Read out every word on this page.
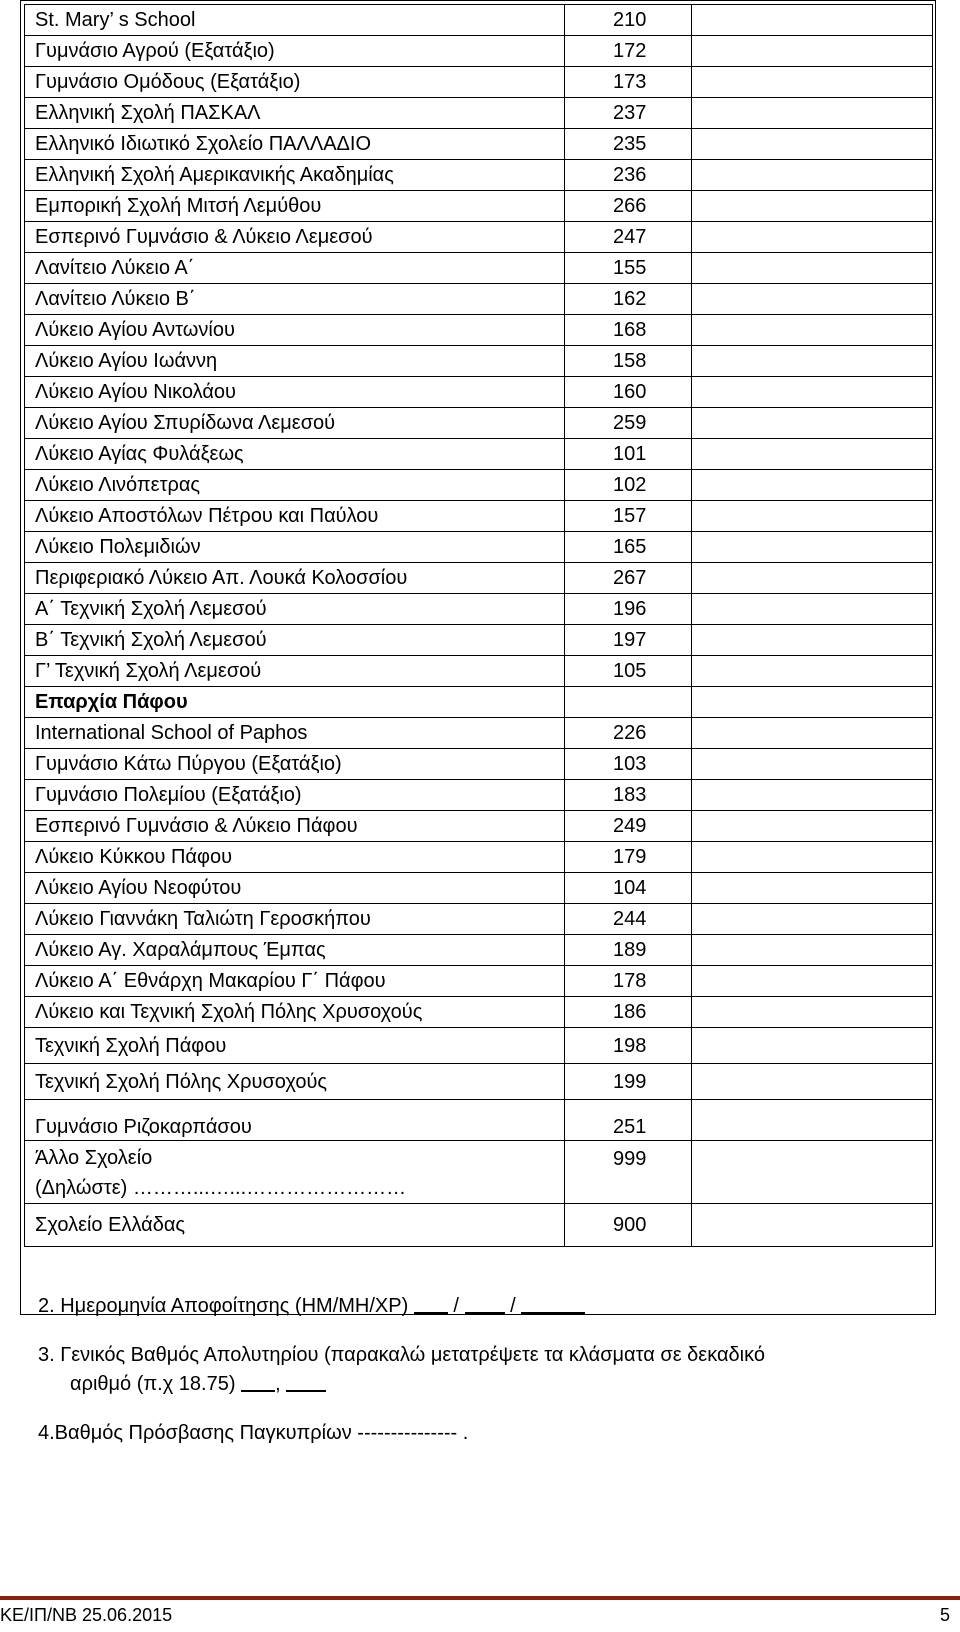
St. Mary’ s School	210	
Γυμνάσιο Αγρού (Εξατάξιο)	172	
Γυμνάσιο Ομόδους (Εξατάξιο)	173	
Ελληνική Σχολή ΠΑΣΚΑΛ	237	
Ελληνικό Ιδιωτικό Σχολείο ΠΑΛΛΑΔΙΟ	235	
Ελληνική Σχολή Αμερικανικής Ακαδημίας	236	
Εμπορική Σχολή Μιτσή Λεμύθου	266	
Εσπερινό Γυμνάσιο & Λύκειο Λεμεσού	247	
Λανίτειο Λύκειο Α΄	155	
Λανίτειο Λύκειο Β΄	162	
Λύκειο Αγίου Αντωνίου	168	
Λύκειο Αγίου Ιωάννη	158	
Λύκειο Αγίου Νικολάου	160	
Λύκειο Αγίου Σπυρίδωνα Λεμεσού	259	
Λύκειο Αγίας Φυλάξεως	101	
Λύκειο Λινόπετρας	102	
Λύκειο Αποστόλων Πέτρου και Παύλου	157	
Λύκειο Πολεμιδιών	165	
Περιφεριακό Λύκειο Απ. Λουκά Κολοσσίου	267	
Α΄ Τεχνική Σχολή Λεμεσού	196	
Β΄ Τεχνική Σχολή Λεμεσού	197	
Γ’ Τεχνική Σχολή Λεμεσού	105	
Επαρχία Πάφου		
International School of Paphos	226	
Γυμνάσιο Κάτω Πύργου (Εξατάξιο)	103	
Γυμνάσιο Πολεμίου (Εξατάξιο)	183	
Εσπερινό Γυμνάσιο & Λύκειο Πάφου	249	
Λύκειο Κύκκου Πάφου	179	
Λύκειο Αγίου Νεοφύτου	104	
Λύκειο Γιαννάκη Ταλιώτη Γεροσκήπου	244	
Λύκειο Αγ. Χαραλάμπους Έμπας	189	
Λύκειο Α΄ Εθνάρχη Μακαρίου Γ΄ Πάφου	178	
Λύκειο και Τεχνική Σχολή Πόλης Χρυσοχούς	186	
Τεχνική Σχολή Πάφου	198	
Τεχνική Σχολή Πόλης Χρυσοχούς	199	
Γυμνάσιο Ριζοκαρπάσου	251	

Άλλο Σχολείο
(Δηλώστε) ………...…...……………………	999	
Σχολείο Ελλάδας	900	
2. Ημερομηνία Αποφοίτησης (ΗΜ/ΜΗ/ΧΡ) /	/
3. Γενικός Βαθμός Απολυτηρίου (παρακαλώ μετατρέψετε τα κλάσματα σε δεκαδικό
αριθμό (π.χ 18.75) ,
4.Βαθμός Πρόσβασης Παγκυπρίων --------------- .
ΚΕ/ΙΠ/ΝΒ 25.06.2015	5
